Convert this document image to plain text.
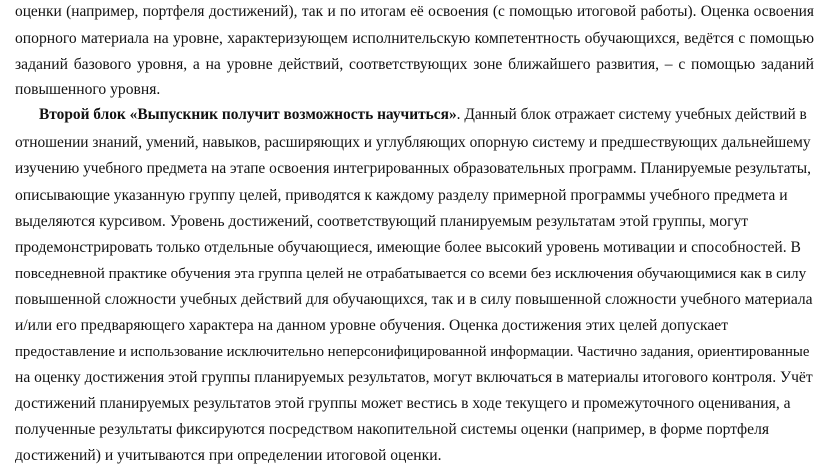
оценки (например, портфеля достижений), так и по итогам её освоения (с помощью итоговой работы). Оценка освоения
опорного материала на уровне, характеризующем исполнительскую компетентность обучающихся, ведётся с помощью
заданий базового уровня, а на уровне действий, соответствующих зоне ближайшего развития, – с помощью заданий
повышенного уровня.
Второй блок «Выпускник получит возможность научиться». Данный блок отражает систему учебных действий в
отношении знаний, умений, навыков, расширяющих и углубляющих опорную систему и предшествующих дальнейшему
изучению учебного предмета на этапе освоения интегрированных образовательных программ. Планируемые результаты,
описывающие указанную группу целей, приводятся к каждому разделу примерной программы учебного предмета и
выделяются курсивом. Уровень достижений, соответствующий планируемым результатам этой группы, могут
продемонстрировать только отдельные обучающиеся, имеющие более высокий уровень мотивации и способностей. В
повседневной практике обучения эта группа целей не отрабатывается со всеми без исключения обучающимися как в силу
повышенной сложности учебных действий для обучающихся, так и в силу повышенной сложности учебного материала
и/или его предваряющего характера на данном уровне обучения. Оценка достижения этих целей допускает
предоставление и использование исключительно неперсонифицированной информации. Частично задания, ориентированные
на оценку достижения этой группы планируемых результатов, могут включаться в материалы итогового контроля. Учёт
достижений планируемых результатов этой группы может вестись в ходе текущего и промежуточного оценивания, а
полученные результаты фиксируются посредством накопительной системы оценки (например, в форме портфеля
достижений) и учитываются при определении итоговой оценки.
